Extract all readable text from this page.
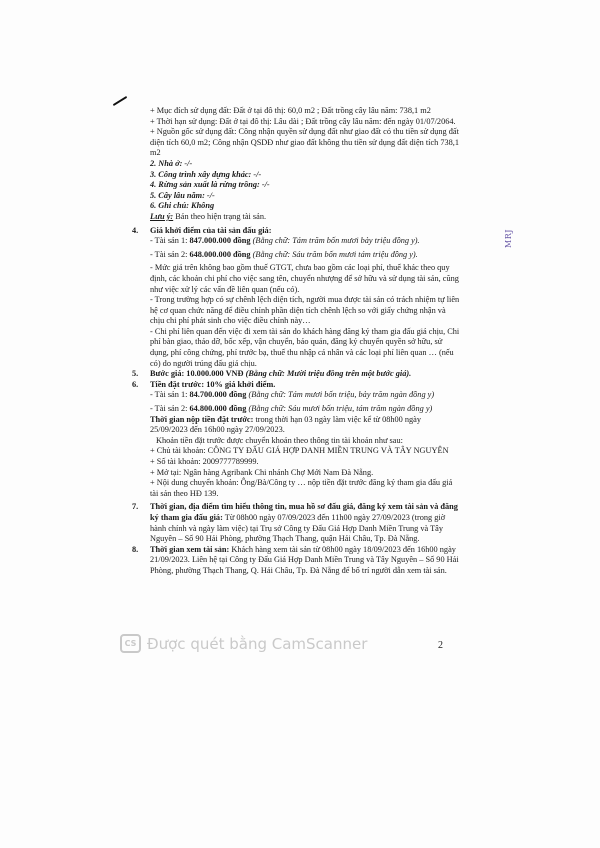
+ Mục đích sử dụng đất: Đất ở tại đô thị: 60,0 m2 ; Đất trồng cây lâu năm: 738,1 m2
+ Thời hạn sử dụng: Đất ở tại đô thị: Lâu dài ; Đất trồng cây lâu năm: đến ngày 01/07/2064.
+ Nguồn gốc sử dụng đất: Công nhận quyền sử dụng đất như giao đất có thu tiền sử dụng đất diện tích 60,0 m2; Công nhận QSDĐ như giao đất không thu tiền sử dụng đất diện tích 738,1 m2
2. Nhà ở: -/-
3. Công trình xây dựng khác: -/-
4. Rừng sản xuất là rừng trồng: -/-
5. Cây lâu năm: -/-
6. Ghi chú: Không
Lưu ý: Bán theo hiện trạng tài sản.
4. Giá khởi điểm của tài sản đấu giá:
- Tài sản 1: 847.000.000 đồng (Bằng chữ: Tám trăm bốn mươi bảy triệu đồng y).
- Tài sản 2: 648.000.000 đồng (Bằng chữ: Sáu trăm bốn mươi tám triệu đồng y).
- Mức giá trên không bao gồm thuế GTGT, chưa bao gồm các loại phí, thuế khác theo quy định, các khoản chi phí cho việc sang tên, chuyển nhượng để sở hữu và sử dụng tài sản, cũng như việc xử lý các vấn đề liên quan (nếu có).
- Trong trường hợp có sự chênh lệch diện tích, người mua được tài sản có trách nhiệm tự liên hệ cơ quan chức năng để điều chỉnh phần diện tích chênh lệch so với giấy chứng nhận và chịu chi phí phát sinh cho việc điều chỉnh này…
- Chi phí liên quan đến việc đi xem tài sản do khách hàng đăng ký tham gia đấu giá chịu, Chi phí bàn giao, tháo dỡ, bốc xếp, vận chuyển, bảo quản, đăng ký chuyển quyền sở hữu, sử dụng, phí công chứng, phí trước bạ, thuế thu nhập cá nhân và các loại phí liên quan … (nếu có) do người trúng đấu giá chịu.
5. Bước giá: 10.000.000 VNĐ (Bằng chữ: Mười triệu đồng trên một bước giá).
6. Tiền đặt trước: 10% giá khởi điểm.
- Tài sản 1: 84.700.000 đồng (Bằng chữ: Tám mươi bốn triệu, bảy trăm ngàn đồng y)
- Tài sản 2: 64.800.000 đồng (Bằng chữ: Sáu mươi bốn triệu, tám trăm ngàn đồng y)
Thời gian nộp tiền đặt trước: trong thời hạn 03 ngày làm việc kể từ 08h00 ngày 25/09/2023 đến 16h00 ngày 27/09/2023.
Khoản tiền đặt trước được chuyển khoản theo thông tin tài khoản như sau:
+ Chủ tài khoản: CÔNG TY ĐẤU GIÁ HỢP DANH MIỀN TRUNG VÀ TÂY NGUYÊN
+ Số tài khoản: 2009777789999.
+ Mở tại: Ngân hàng Agribank Chi nhánh Chợ Mới Nam Đà Nẵng.
+ Nội dung chuyển khoản: Ông/Bà/Công ty … nộp tiền đặt trước đăng ký tham gia đấu giá tài sản theo HĐ 139.
7. Thời gian, địa điểm tìm hiểu thông tin, mua hồ sơ đấu giá, đăng ký xem tài sản và đăng ký tham gia đấu giá: Từ 08h00 ngày 07/09/2023 đến 11h00 ngày 27/09/2023 (trong giờ hành chính và ngày làm việc) tại Trụ sở Công ty Đấu Giá Hợp Danh Miền Trung và Tây Nguyên – Số 90 Hải Phòng, phường Thạch Thang, quận Hải Châu, Tp. Đà Nẵng.
8. Thời gian xem tài sản: Khách hàng xem tài sản từ 08h00 ngày 18/09/2023 đến 16h00 ngày 21/09/2023. Liên hệ tại Công ty Đấu Giá Hợp Danh Miền Trung và Tây Nguyên – Số 90 Hải Phòng, phường Thạch Thang, Q. Hải Châu, Tp. Đà Nẵng để bố trí người dẫn xem tài sản.
MRJ
CS Được quét bằng CamScanner	2
